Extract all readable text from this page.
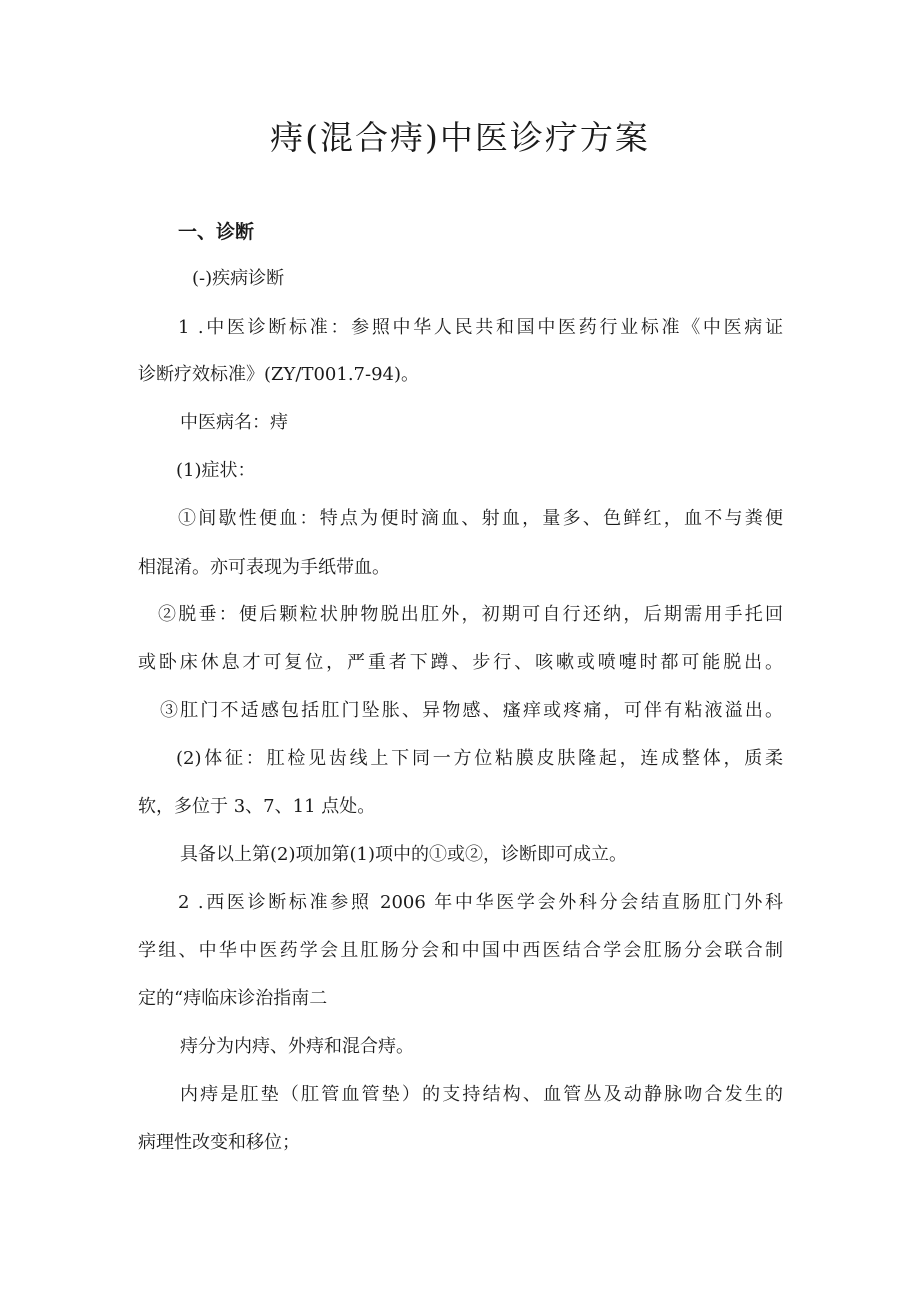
痔(混合痔)中医诊疗方案

一、诊断

(-)疾病诊断

1 .中医诊断标准：参照中华人民共和国中医药行业标准《中医病证

诊断疗效标准》(ZY/T001.7-94)。

中医病名：痔

(1)症状：

①间歇性便血：特点为便时滴血、射血，量多、色鲜红，血不与粪便

相混淆。亦可表现为手纸带血。

②脱垂：便后颗粒状肿物脱出肛外，初期可自行还纳，后期需用手托回

或卧床休息才可复位，严重者下蹲、步行、咳嗽或喷嚏时都可能脱出。

③肛门不适感包括肛门坠胀、异物感、瘙痒或疼痛，可伴有粘液溢出。

(2)体征：肛检见齿线上下同一方位粘膜皮肤隆起，连成整体，质柔

软，多位于 3、7、11 点处。

具备以上第(2)项加第(1)项中的①或②，诊断即可成立。

2 .西医诊断标准参照 2006 年中华医学会外科分会结直肠肛门外科

学组、中华中医药学会且肛肠分会和中国中西医结合学会肛肠分会联合制

定的“痔临床诊治指南二

痔分为内痔、外痔和混合痔。

内痔是肛垫（肛管血管垫）的支持结构、血管丛及动静脉吻合发生的

病理性改变和移位；
